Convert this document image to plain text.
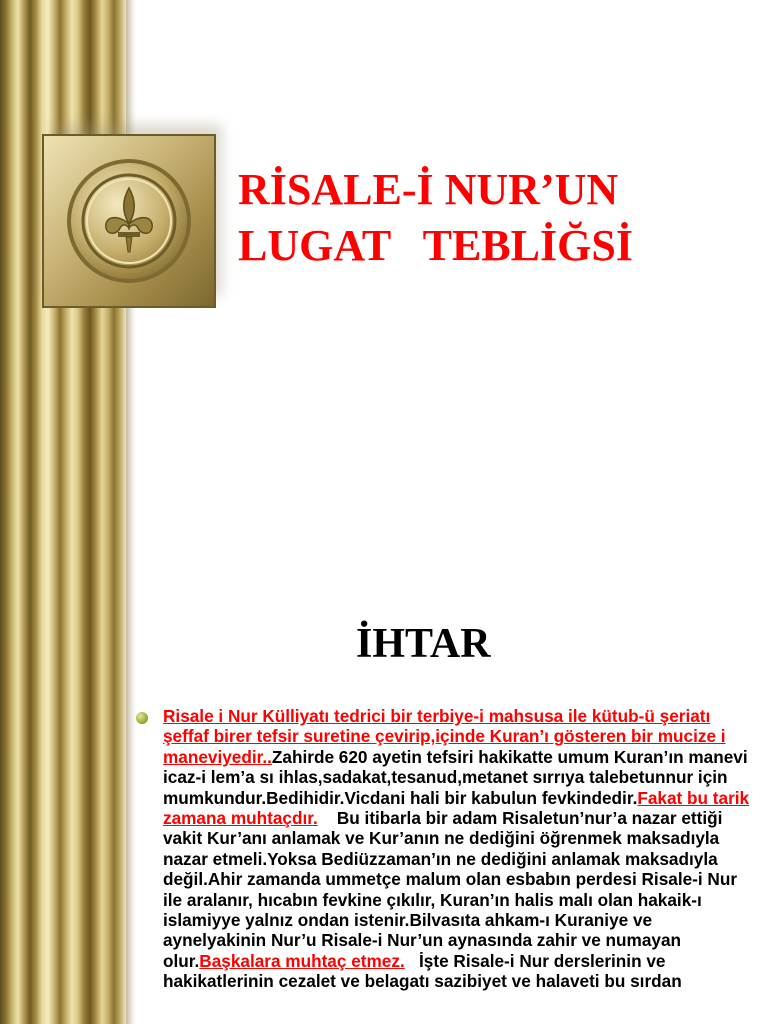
RİSALE-İ NUR’UN
LUGAT   TEBLİĞSİ
İHTAR

Risale i Nur Külliyatı tedrici bir terbiye-i mahsusa ile kütub-ü şeriatı şeffaf birer tefsir suretine çevirip,içinde Kuran’ı gösteren bir mucize i maneviyedir..Zahirde 620 ayetin tefsiri hakikatte umum Kuran’ın manevi icaz-i lem’a sı ihlas,sadakat,tesanud,metanet sırrıya talebetunnur için mumkundur.Bedihidir.Vicdani hali bir kabulun fevkindedir.Fakat bu tarik zamana muhtaçdır.    Bu itibarla bir adam Risaletun’nur’a nazar ettiği vakit Kur’anı anlamak ve Kur’anın ne dediğini öğrenmek maksadıyla nazar etmeli.Yoksa Bediüzzaman’ın ne dediğini anlamak maksadıyla değil.Ahir zamanda ummetçe malum olan esbabın perdesi Risale-i Nur ile aralanır, hıcabın fevkine çıkılır, Kuran’ın halis malı olan hakaik-ı islamiyye yalnız ondan istenir.Bilvasıta ahkam-ı Kuraniye ve aynelyakinin Nur’u Risale-i Nur’un aynasında zahir ve numayan olur.Başkalara muhtaç etmez.   İşte Risale-i Nur derslerinin ve hakikatlerinin cezalet ve belagatı sazibiyet ve halaveti bu sırdan
